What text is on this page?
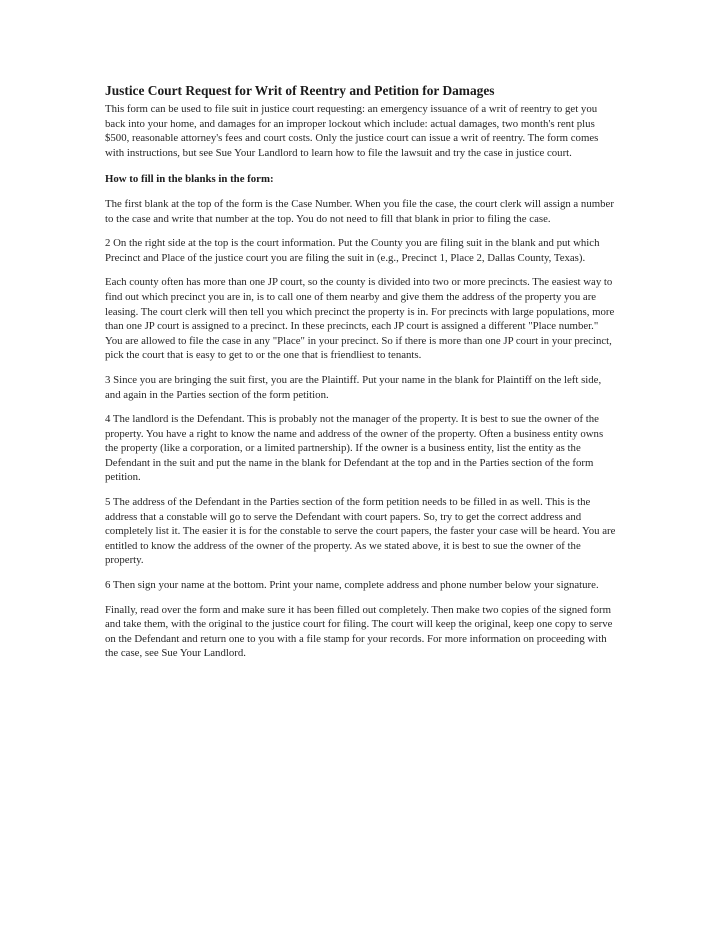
Justice Court Request for Writ of Reentry and Petition for Damages

This form can be used to file suit in justice court requesting: an emergency issuance of a writ of reentry to get you back into your home, and damages for an improper lockout which include: actual damages, two month's rent plus $500, reasonable attorney's fees and court costs. Only the justice court can issue a writ of reentry. The form comes with instructions, but see Sue Your Landlord to learn how to file the lawsuit and try the case in justice court.

How to fill in the blanks in the form:

The first blank at the top of the form is the Case Number. When you file the case, the court clerk will assign a number to the case and write that number at the top. You do not need to fill that blank in prior to filing the case.

2 On the right side at the top is the court information. Put the County you are filing suit in the blank and put which Precinct and Place of the justice court you are filing the suit in (e.g., Precinct 1, Place 2, Dallas County, Texas).

Each county often has more than one JP court, so the county is divided into two or more precincts. The easiest way to find out which precinct you are in, is to call one of them nearby and give them the address of the property you are leasing. The court clerk will then tell you which precinct the property is in. For precincts with large populations, more than one JP court is assigned to a precinct. In these precincts, each JP court is assigned a different "Place number." You are allowed to file the case in any "Place" in your precinct. So if there is more than one JP court in your precinct, pick the court that is easy to get to or the one that is friendliest to tenants.

3 Since you are bringing the suit first, you are the Plaintiff. Put your name in the blank for Plaintiff on the left side, and again in the Parties section of the form petition.

4 The landlord is the Defendant. This is probably not the manager of the property. It is best to sue the owner of the property. You have a right to know the name and address of the owner of the property. Often a business entity owns the property (like a corporation, or a limited partnership). If the owner is a business entity, list the entity as the Defendant in the suit and put the name in the blank for Defendant at the top and in the Parties section of the form petition.

5 The address of the Defendant in the Parties section of the form petition needs to be filled in as well. This is the address that a constable will go to serve the Defendant with court papers. So, try to get the correct address and completely list it. The easier it is for the constable to serve the court papers, the faster your case will be heard. You are entitled to know the address of the owner of the property. As we stated above, it is best to sue the owner of the property.

6 Then sign your name at the bottom. Print your name, complete address and phone number below your signature.

Finally, read over the form and make sure it has been filled out completely. Then make two copies of the signed form and take them, with the original to the justice court for filing. The court will keep the original, keep one copy to serve on the Defendant and return one to you with a file stamp for your records. For more information on proceeding with the case, see Sue Your Landlord.
